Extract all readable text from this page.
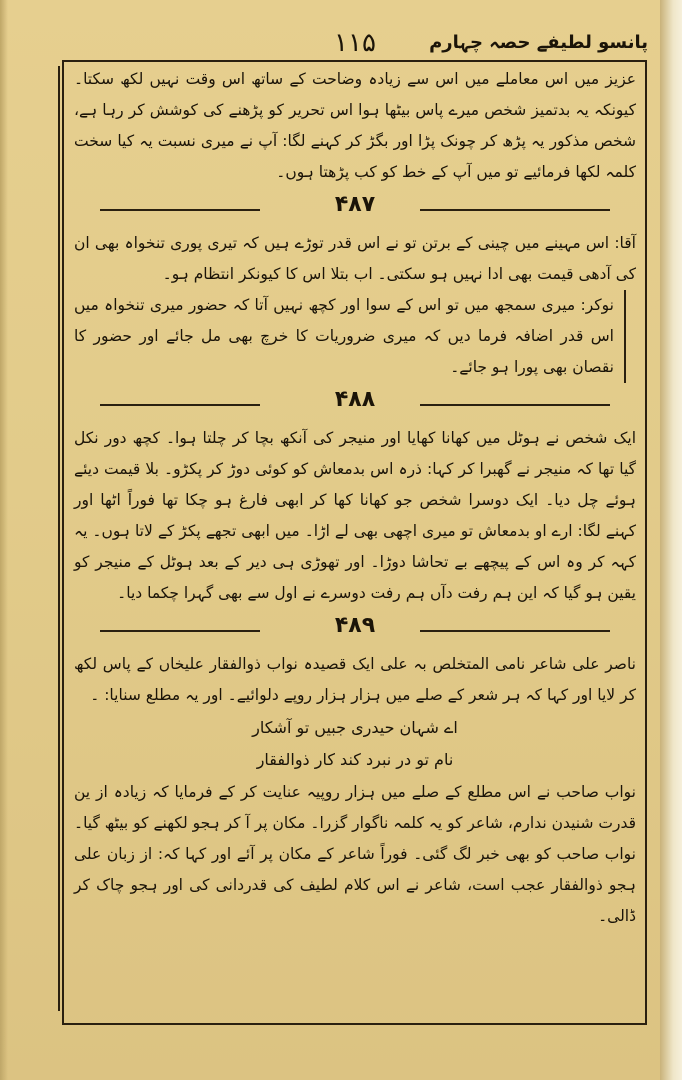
۱۱۵	پانسو لطیفے حصہ چہارم

عزیز میں اس معاملے میں اس سے زیادہ وضاحت کے ساتھ اس وقت نہیں لکھ سکتا۔ کیونکہ یہ بدتمیز شخص میرے پاس بیٹھا ہوا اس تحریر کو پڑھنے کی کوشش کر رہا ہے، شخص مذکور یہ پڑھ کر چونک پڑا اور بگڑ کر کہنے لگا: آپ نے میری نسبت یہ کیا سخت کلمہ لکھا فرمائیے تو میں آپ کے خط کو کب پڑھتا ہوں۔

۴۸۷

آقا: اس مہینے میں چینی کے برتن تو نے اس قدر توڑے ہیں کہ تیری پوری تنخواہ بھی ان کی آدھی قیمت بھی ادا نہیں ہو سکتی۔ اب بتلا اس کا کیونکر انتظام ہو۔

نوکر: میری سمجھ میں تو اس کے سوا اور کچھ نہیں آتا کہ حضور میری تنخواہ میں اس قدر اضافہ فرما دیں کہ میری ضروریات کا خرچ بھی مل جائے اور حضور کا نقصان بھی پورا ہو جائے۔

۴۸۸

ایک شخص نے ہوٹل میں کھانا کھایا اور منیجر کی آنکھ بچا کر چلتا ہوا۔ کچھ دور نکل گیا تھا کہ منیجر نے گھبرا کر کہا: ذرہ اس بدمعاش کو کوئی دوڑ کر پکڑو۔ بلا قیمت دیئے ہوئے چل دیا۔ ایک دوسرا شخص جو کھانا کھا کر ابھی فارغ ہو چکا تھا فوراً اٹھا اور کہنے لگا: ارے او بدمعاش تو میری اچھی بھی لے اڑا۔ میں ابھی تجھے پکڑ کے لاتا ہوں۔ یہ کہہ کر وہ اس کے پیچھے بے تحاشا دوڑا۔ اور تھوڑی ہی دیر کے بعد ہوٹل کے منیجر کو یقین ہو گیا کہ این ہم رفت دآں ہم رفت دوسرے نے اول سے بھی گہرا چکما دیا۔

۴۸۹

ناصر علی شاعر نامی المتخلص بہ علی ایک قصیدہ نواب ذوالفقار علیخاں کے پاس لکھ کر لایا اور کہا کہ ہر شعر کے صلے میں ہزار ہزار روپے دلوائیے۔ اور یہ مطلع سنایا: ۔

اے شہان حیدری جبیں تو آشکار
نام تو در نبرد کند کار ذوالفقار

نواب صاحب نے اس مطلع کے صلے میں ہزار روپیہ عنایت کر کے فرمایا کہ زیادہ از ین قدرت شنیدن ندارم، شاعر کو یہ کلمہ ناگوار گزرا۔ مکان پر آ کر ہجو لکھنے کو بیٹھ گیا۔ نواب صاحب کو بھی خبر لگ گئی۔ فوراً شاعر کے مکان پر آئے اور کہا کہ: از زبان علی ہجو ذوالفقار عجب است، شاعر نے اس کلام لطیف کی قدردانی کی اور ہجو چاک کر ڈالی۔
